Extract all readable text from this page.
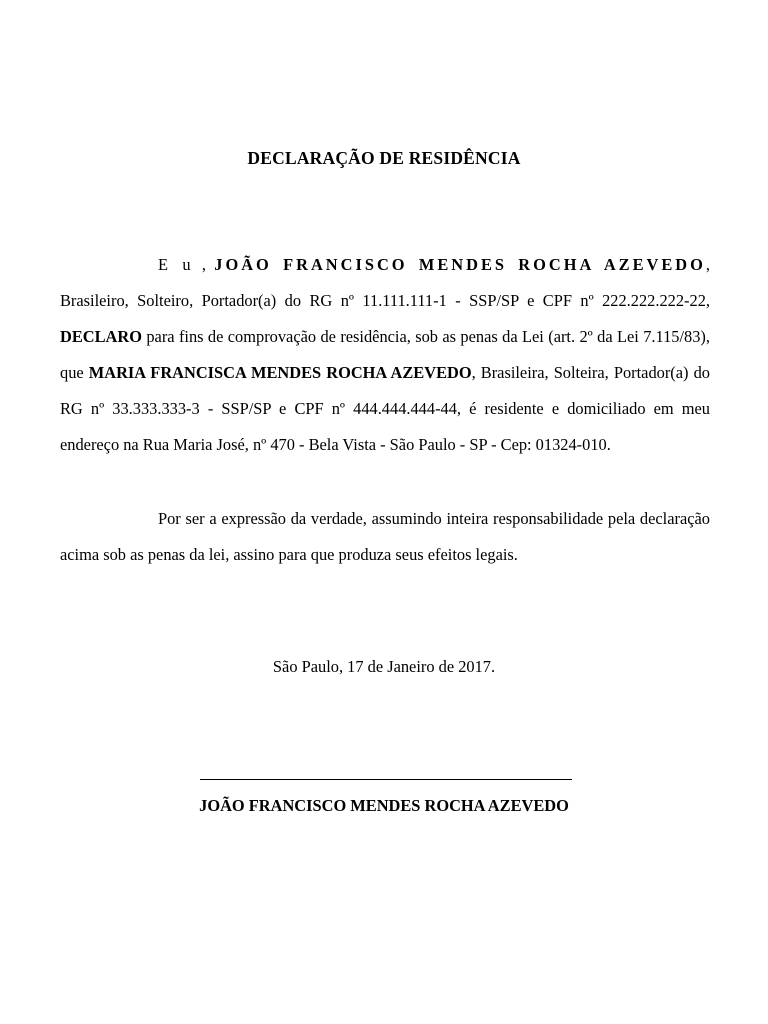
DECLARAÇÃO DE RESIDÊNCIA

E u , JOÃO FRANCISCO MENDES ROCHA AZEVEDO, Brasileiro, Solteiro, Portador(a) do RG nº 11.111.111-1 - SSP/SP e CPF nº 222.222.222-22, DECLARO para fins de comprovação de residência, sob as penas da Lei (art. 2º da Lei 7.115/83), que MARIA FRANCISCA MENDES ROCHA AZEVEDO, Brasileira, Solteira, Portador(a) do RG nº 33.333.333-3 - SSP/SP e CPF nº 444.444.444-44, é residente e domiciliado em meu endereço na Rua Maria José, nº 470 - Bela Vista - São Paulo - SP - Cep: 01324-010.

Por ser a expressão da verdade, assumindo inteira responsabilidade pela declaração acima sob as penas da lei, assino para que produza seus efeitos legais.

São Paulo, 17 de Janeiro de 2017.
JOÃO FRANCISCO MENDES ROCHA AZEVEDO
